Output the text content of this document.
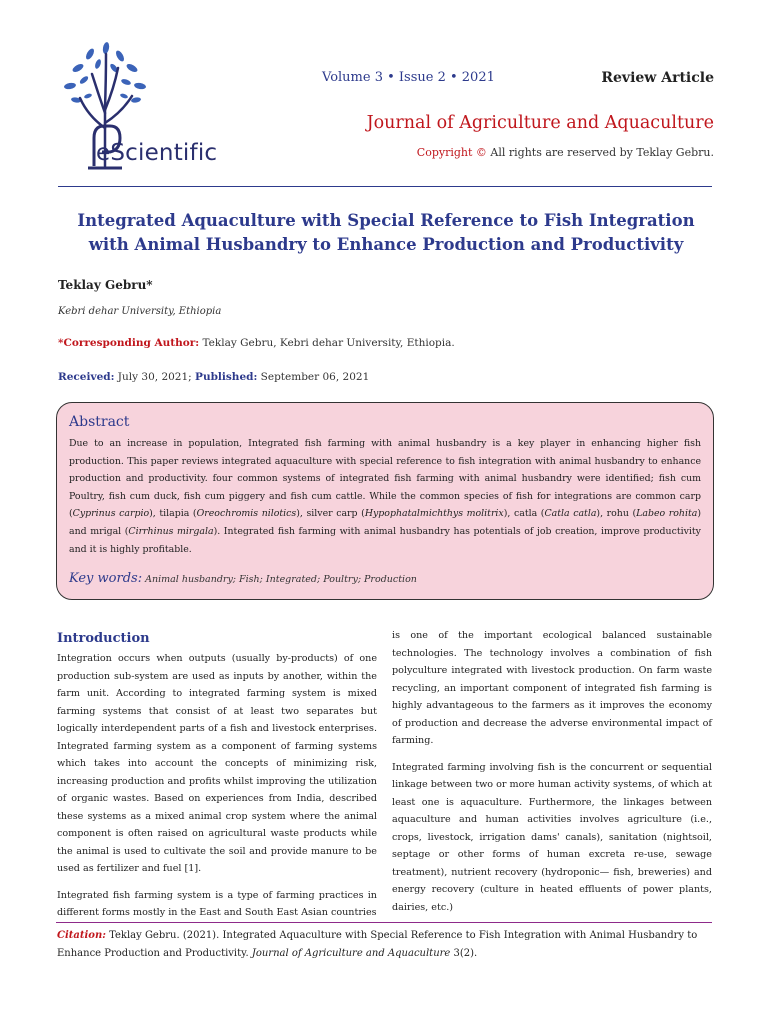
eScientific
Volume 3 • Issue 2 • 2021	Review Article
Journal of Agriculture and Aquaculture
Copyright © All rights are reserved by Teklay Gebru.
Integrated Aquaculture with Special Reference to Fish Integration with Animal Husbandry to Enhance Production and Productivity
Teklay Gebru*
Kebri dehar University, Ethiopia
*Corresponding Author: Teklay Gebru, Kebri dehar University, Ethiopia.
Received: July 30, 2021; Published: September 06, 2021
Abstract
Due to an increase in population, Integrated fish farming with animal husbandry is a key player in enhancing higher fish production. This paper reviews integrated aquaculture with special reference to fish integration with animal husbandry to enhance production and productivity. four common systems of integrated fish farming with animal husbandry were identified; fish cum Poultry, fish cum duck, fish cum piggery and fish cum cattle. While the common species of fish for integrations are common carp (Cyprinus carpio), tilapia (Oreochromis nilotics), silver carp (Hypophatalmichthys molitrix), catla (Catla catla), rohu (Labeo rohita) and mrigal (Cirrhinus mirgala). Integrated fish farming with animal husbandry has potentials of job creation, improve productivity and it is highly profitable.
Key words: Animal husbandry; Fish; Integrated; Poultry; Production
Introduction

Integration occurs when outputs (usually by-products) of one production sub-system are used as inputs by another, within the farm unit. According to integrated farming system is mixed farming systems that consist of at least two separates but logically interdependent parts of a fish and livestock enterprises. Integrated farming system as a component of farming systems which takes into account the concepts of minimizing risk, increasing production and profits whilst improving the utilization of organic wastes. Based on experiences from India, described these systems as a mixed animal crop system where the animal component is often raised on agricultural waste products while the animal is used to cultivate the soil and provide manure to be used as fertilizer and fuel [1].

Integrated fish farming system is a type of farming practices in different forms mostly in the East and South East Asian countries

is one of the important ecological balanced sustainable technologies. The technology involves a combination of fish polyculture integrated with livestock production. On farm waste recycling, an important component of integrated fish farming is highly advantageous to the farmers as it improves the economy of production and decrease the adverse environmental impact of farming.

Integrated farming involving fish is the concurrent or sequential linkage between two or more human activity systems, of which at least one is aquaculture. Furthermore, the linkages between aquaculture and human activities involves agriculture (i.e., crops, livestock, irrigation dams' canals), sanitation (nightsoil, septage or other forms of human excreta re-use, sewage treatment), nutrient recovery (hydroponic— fish, breweries) and energy recovery (culture in heated effluents of power plants, dairies, etc.)

Citation: Teklay Gebru. (2021). Integrated Aquaculture with Special Reference to Fish Integration with Animal Husbandry to Enhance Production and Productivity. Journal of Agriculture and Aquaculture 3(2).
